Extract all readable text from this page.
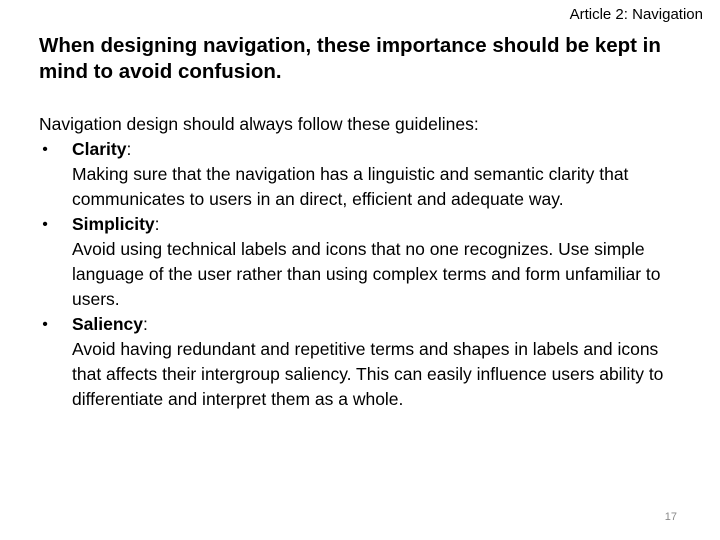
Article 2: Navigation
When designing navigation, these importance should be kept in mind to avoid confusion.

Navigation design should always follow these guidelines:

• Clarity:
Making sure that the navigation has a linguistic and semantic clarity that communicates to users in an direct, efficient and adequate way.
• Simplicity:
Avoid using technical labels and icons that no one recognizes. Use simple language of the user rather than using complex terms and form unfamiliar to users.
• Saliency:
Avoid having redundant and repetitive terms and shapes in labels and icons that affects their intergroup saliency. This can easily influence users ability to differentiate and interpret them as a whole.
17
